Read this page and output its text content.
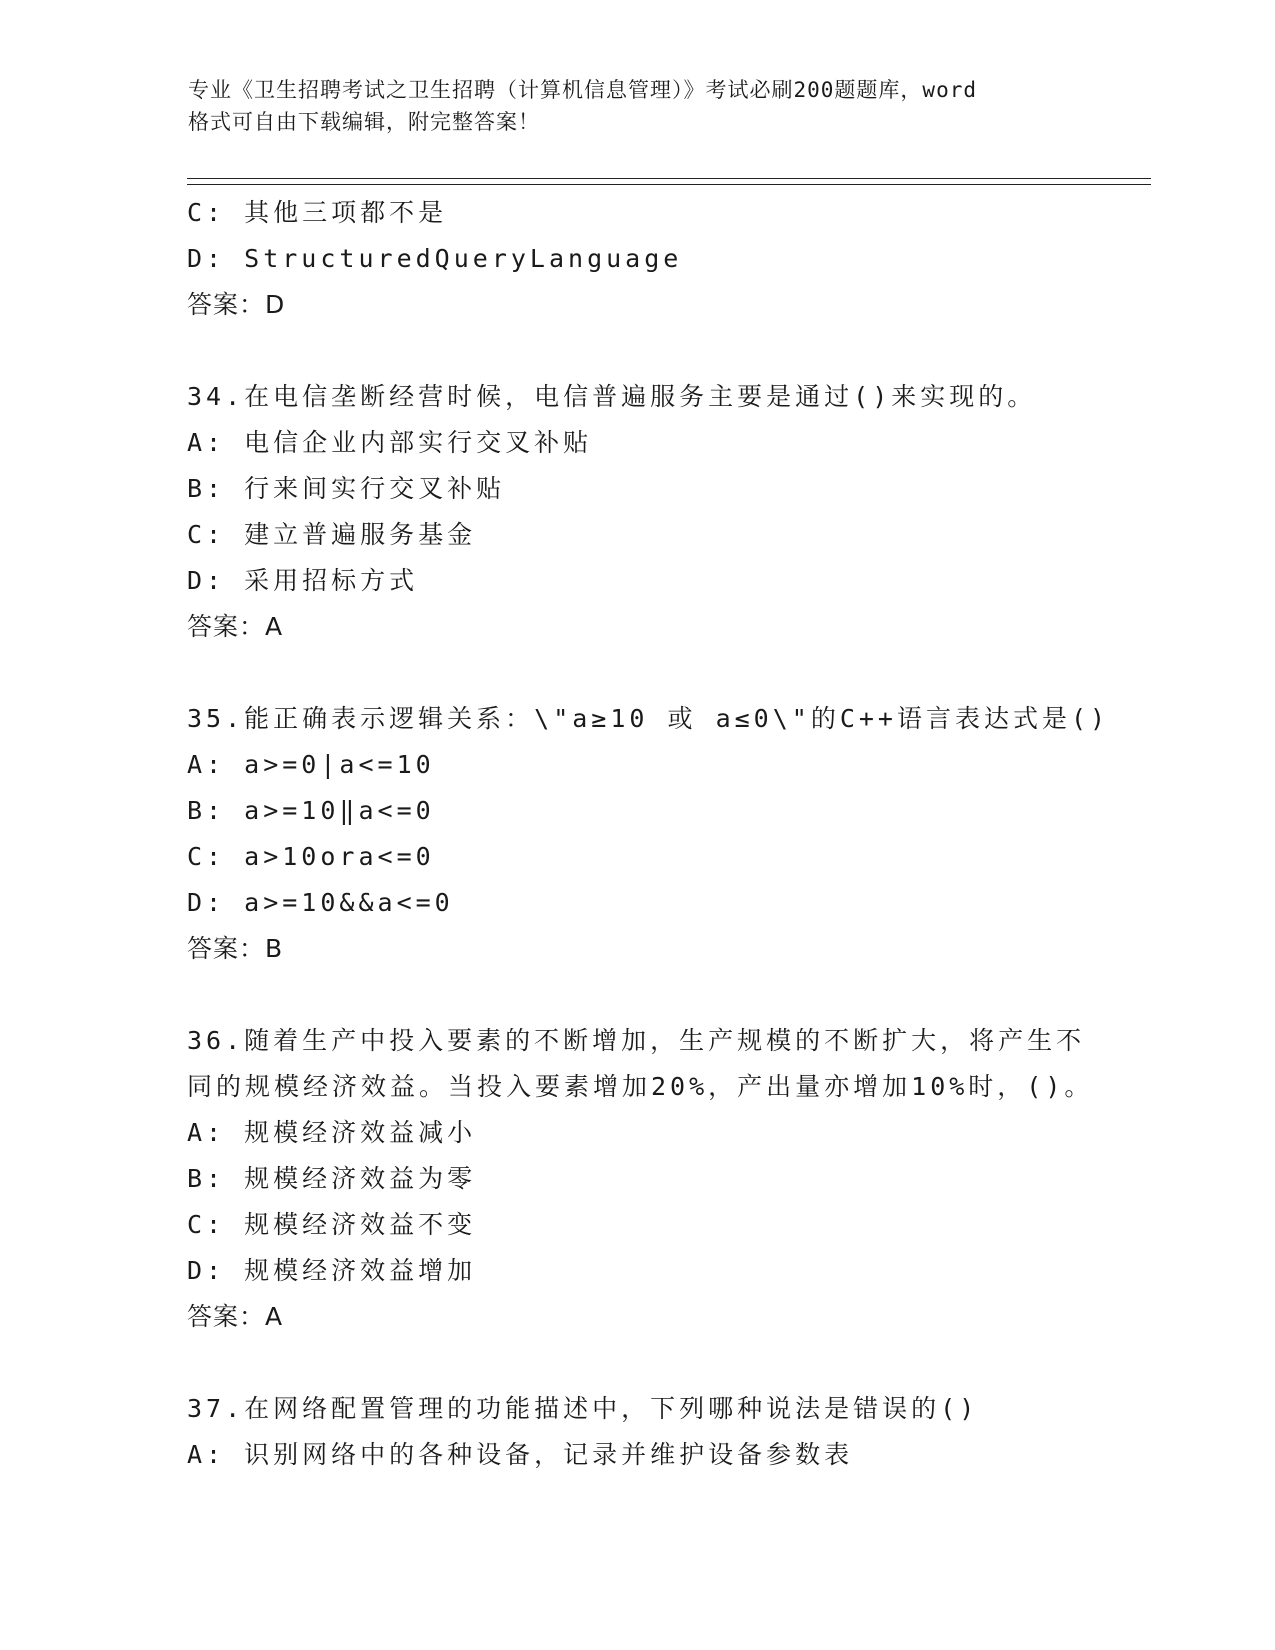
专业《卫生招聘考试之卫生招聘（计算机信息管理）》考试必刷200题题库，word
格式可自由下载编辑，附完整答案！
C: 其他三项都不是
D: StructuredQueryLanguage
答案：D
34.在电信垄断经营时候，电信普遍服务主要是通过()来实现的。
A: 电信企业内部实行交叉补贴
B: 行来间实行交叉补贴
C: 建立普遍服务基金
D: 采用招标方式
答案：A
35.能正确表示逻辑关系：\"a≥10 或 a≤0\"的C++语言表达式是()
A: a>=0|a<=10
B: a>=10‖a<=0
C: a>10ora<=0
D: a>=10&&a<=0
答案：B
36.随着生产中投入要素的不断增加，生产规模的不断扩大，将产生不
同的规模经济效益。当投入要素增加20%，产出量亦增加10%时，()。
A: 规模经济效益减小
B: 规模经济效益为零
C: 规模经济效益不变
D: 规模经济效益增加
答案：A
37.在网络配置管理的功能描述中，下列哪种说法是错误的()
A: 识别网络中的各种设备，记录并维护设备参数表
